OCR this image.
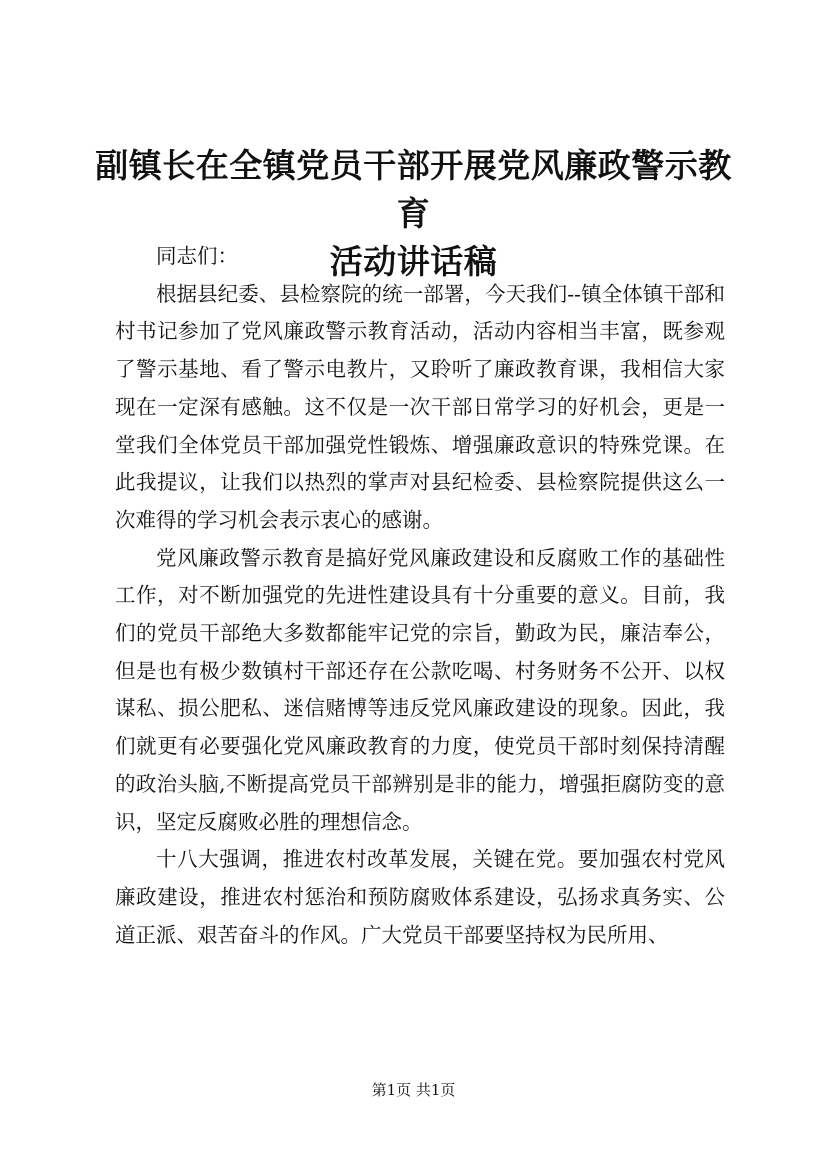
副镇长在全镇党员干部开展党风廉政警示教育
活动讲话稿

同志们：

根据县纪委、县检察院的统一部署，今天我们--镇全体镇干部和村书记参加了党风廉政警示教育活动，活动内容相当丰富，既参观了警示基地、看了警示电教片，又聆听了廉政教育课，我相信大家现在一定深有感触。这不仅是一次干部日常学习的好机会，更是一堂我们全体党员干部加强党性锻炼、增强廉政意识的特殊党课。在此我提议，让我们以热烈的掌声对县纪检委、县检察院提供这么一次难得的学习机会表示衷心的感谢。

党风廉政警示教育是搞好党风廉政建设和反腐败工作的基础性工作，对不断加强党的先进性建设具有十分重要的意义。目前，我们的党员干部绝大多数都能牢记党的宗旨，勤政为民，廉洁奉公，但是也有极少数镇村干部还存在公款吃喝、村务财务不公开、以权谋私、损公肥私、迷信赌博等违反党风廉政建设的现象。因此，我们就更有必要强化党风廉政教育的力度，使党员干部时刻保持清醒的政治头脑,不断提高党员干部辨别是非的能力，增强拒腐防变的意识，坚定反腐败必胜的理想信念。

十八大强调，推进农村改革发展，关键在党。要加强农村党风廉政建设，推进农村惩治和预防腐败体系建设，弘扬求真务实、公道正派、艰苦奋斗的作风。广大党员干部要坚持权为民所用、

第1页 共1页
